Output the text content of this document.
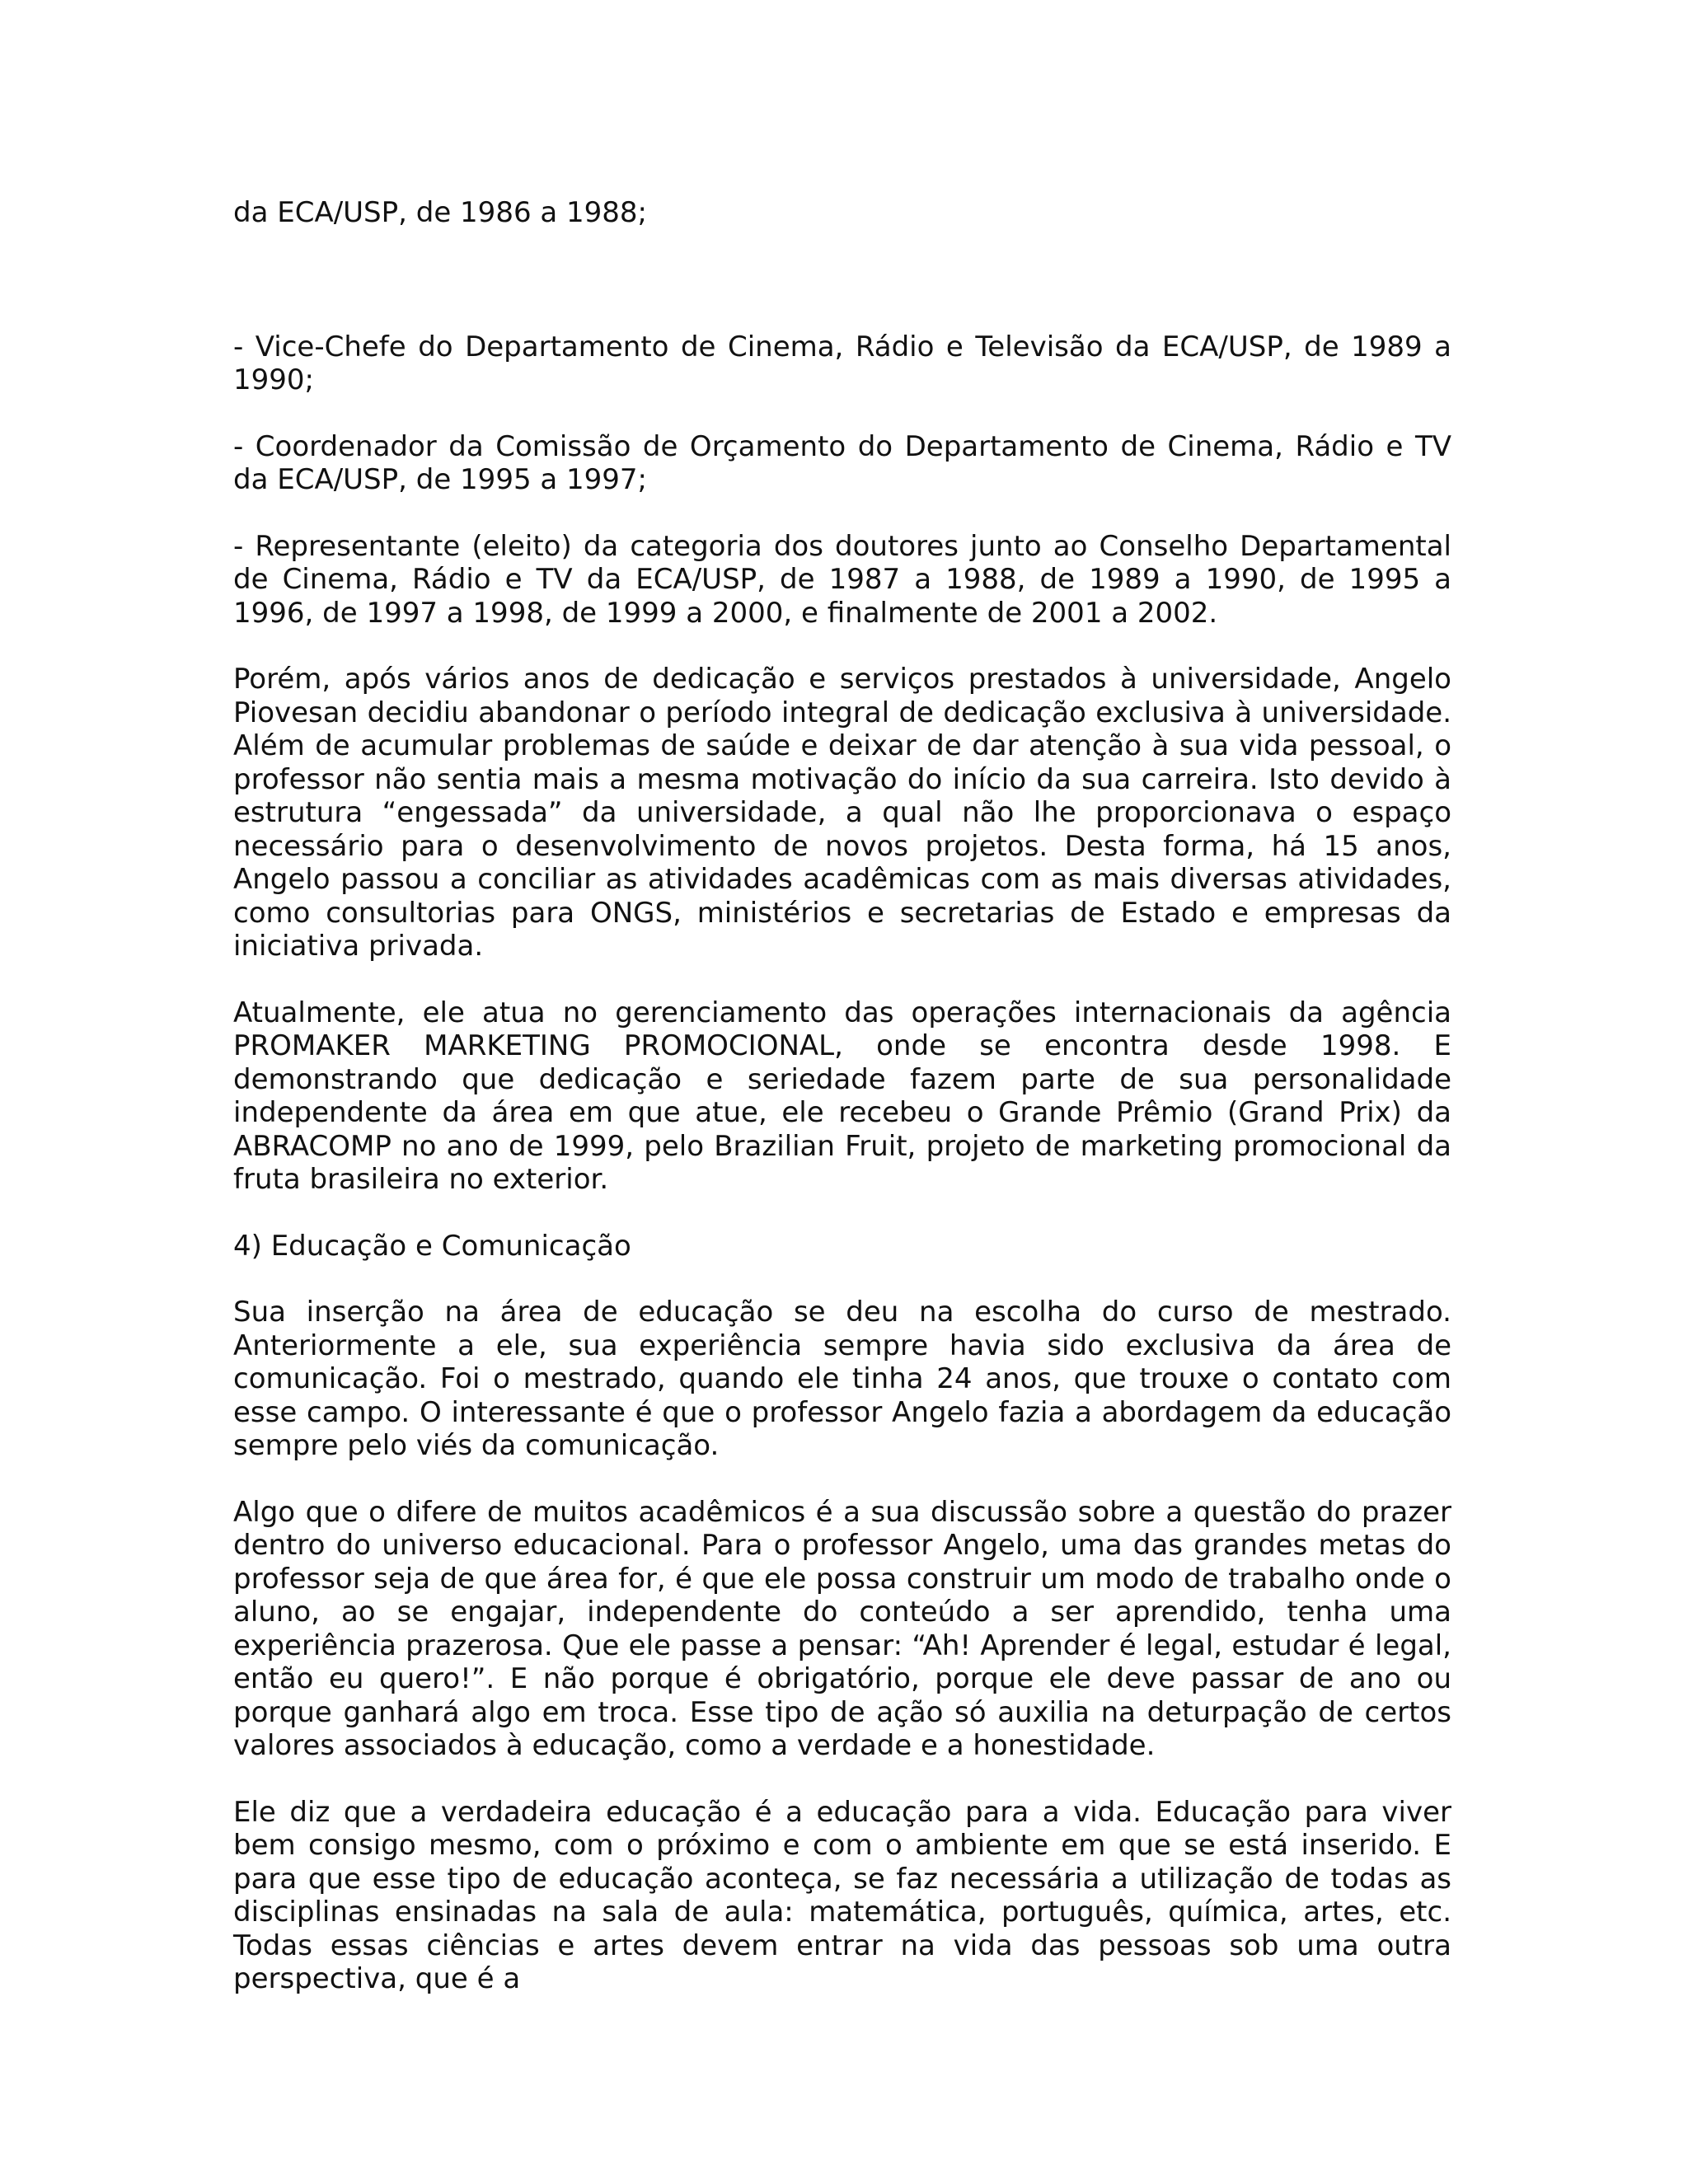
da ECA/USP, de 1986 a 1988;

- Vice-Chefe do Departamento de Cinema, Rádio e Televisão da ECA/USP, de 1989 a 1990;

- Coordenador da Comissão de Orçamento do Departamento de Cinema, Rádio e TV da ECA/USP, de 1995 a 1997;

- Representante (eleito) da categoria dos doutores junto ao Conselho Departamental de Cinema, Rádio e TV da ECA/USP, de 1987 a 1988, de 1989 a 1990, de 1995 a 1996, de 1997 a 1998, de 1999 a 2000, e finalmente de 2001 a 2002.

Porém, após vários anos de dedicação e serviços prestados à universidade, Angelo Piovesan decidiu abandonar o período integral de dedicação exclusiva à universidade. Além de acumular problemas de saúde e deixar de dar atenção à sua vida pessoal, o professor não sentia mais a mesma motivação do início da sua carreira. Isto devido à estrutura “engessada” da universidade, a qual não lhe proporcionava o espaço necessário para o desenvolvimento de novos projetos. Desta forma, há 15 anos, Angelo passou a conciliar as atividades acadêmicas com as mais diversas atividades, como consultorias para ONGS, ministérios e secretarias de Estado e empresas da iniciativa privada.

Atualmente, ele atua no gerenciamento das operações internacionais da agência PROMAKER MARKETING PROMOCIONAL, onde se encontra desde 1998. E demonstrando que dedicação e seriedade fazem parte de sua personalidade independente da área em que atue, ele recebeu o Grande Prêmio (Grand Prix) da ABRACOMP no ano de 1999, pelo Brazilian Fruit, projeto de marketing promocional da fruta brasileira no exterior.

4) Educação e Comunicação

Sua inserção na área de educação se deu na escolha do curso de mestrado. Anteriormente a ele, sua experiência sempre havia sido exclusiva da área de comunicação. Foi o mestrado, quando ele tinha 24 anos, que trouxe o contato com esse campo. O interessante é que o professor Angelo fazia a abordagem da educação sempre pelo viés da comunicação.

Algo que o difere de muitos acadêmicos é a sua discussão sobre a questão do prazer dentro do universo educacional. Para o professor Angelo, uma das grandes metas do professor seja de que área for, é que ele possa construir um modo de trabalho onde o aluno, ao se engajar, independente do conteúdo a ser aprendido, tenha uma experiência prazerosa. Que ele passe a pensar: “Ah! Aprender é legal, estudar é legal, então eu quero!”. E não porque é obrigatório, porque ele deve passar de ano ou porque ganhará algo em troca. Esse tipo de ação só auxilia na deturpação de certos valores associados à educação, como a verdade e a honestidade.

Ele diz que a verdadeira educação é a educação para a vida. Educação para viver bem consigo mesmo, com o próximo e com o ambiente em que se está inserido. E para que esse tipo de educação aconteça, se faz necessária a utilização de todas as disciplinas ensinadas na sala de aula: matemática, português, química, artes, etc. Todas essas ciências e artes devem entrar na vida das pessoas sob uma outra perspectiva, que é a
